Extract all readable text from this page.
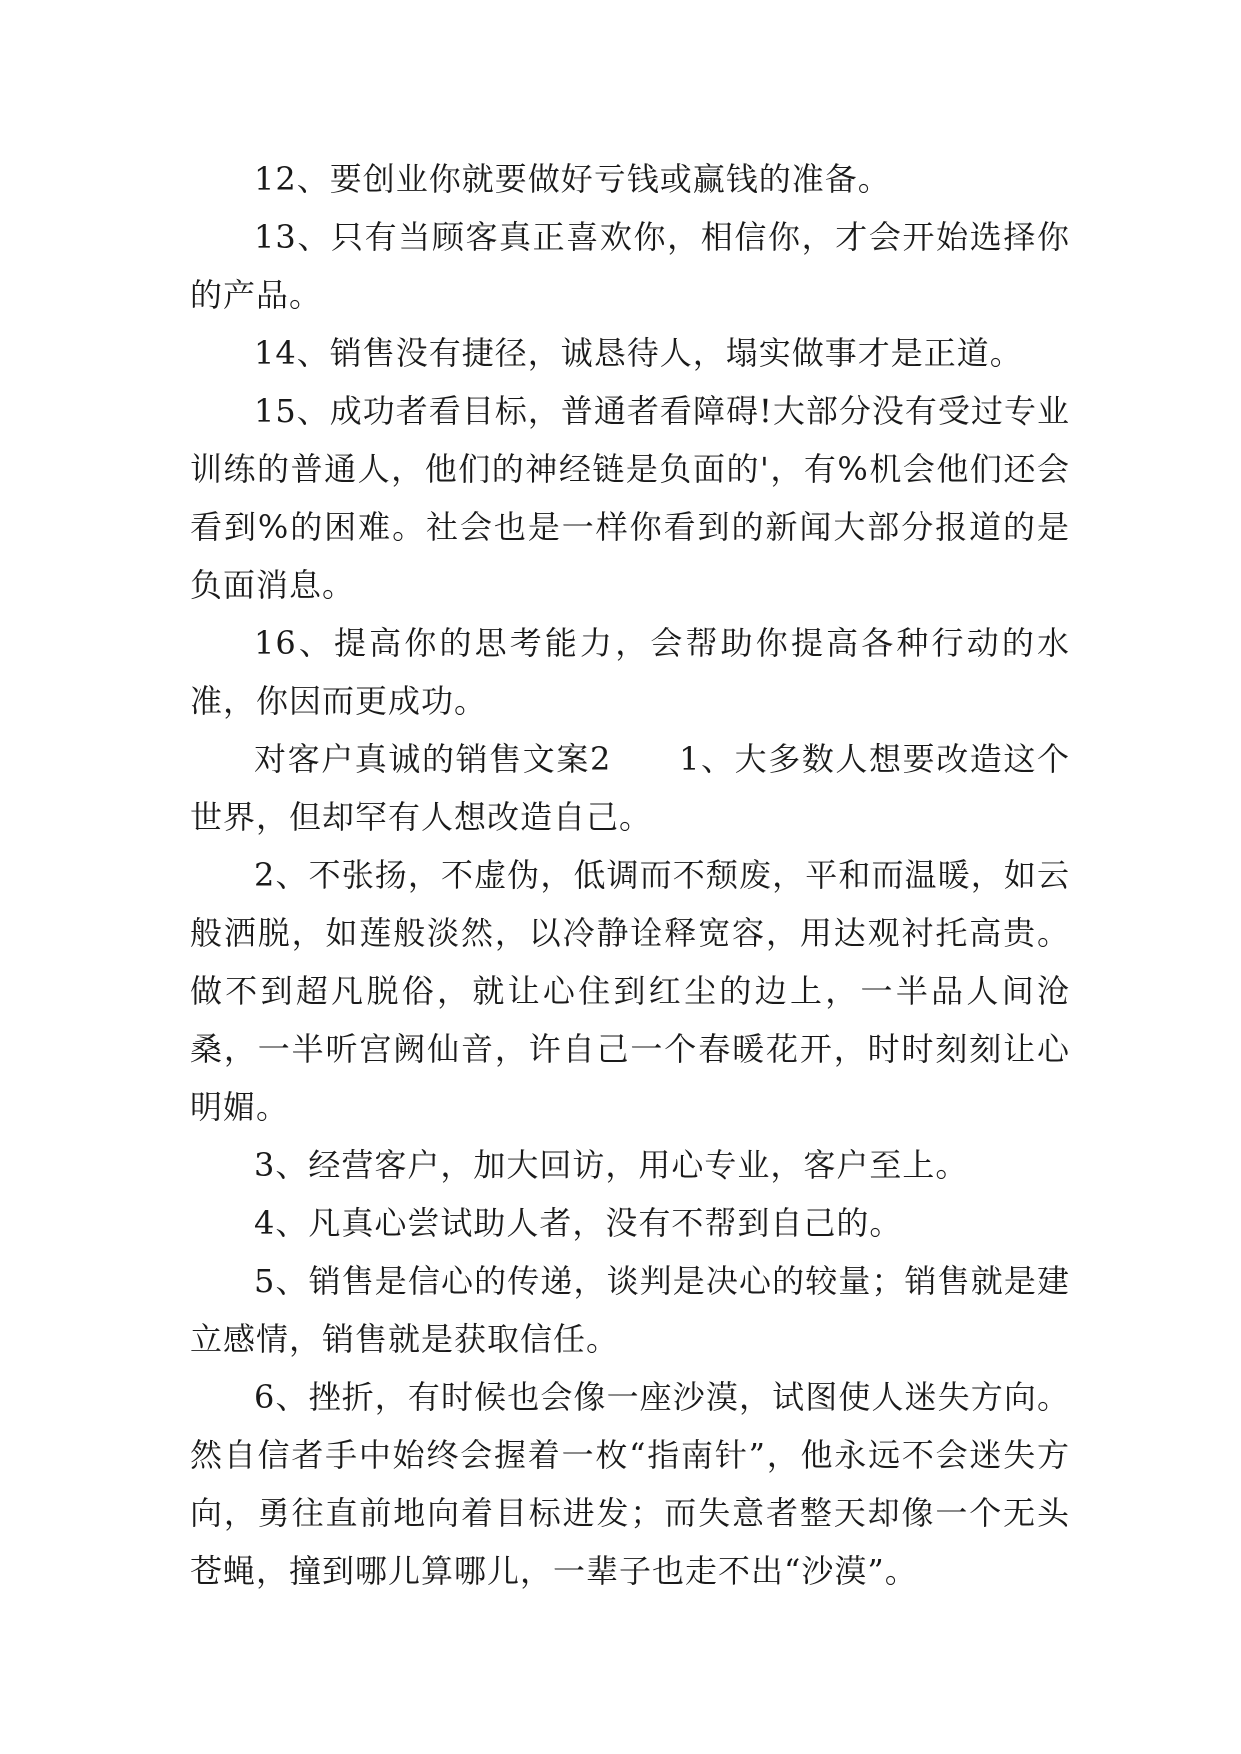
12、要创业你就要做好亏钱或赢钱的准备。

13、只有当顾客真正喜欢你，相信你，才会开始选择你的产品。

14、销售没有捷径，诚恳待人，塌实做事才是正道。

15、成功者看目标，普通者看障碍!大部分没有受过专业训练的普通人，他们的神经链是负面的'，有%机会他们还会看到%的困难。社会也是一样你看到的新闻大部分报道的是负面消息。

16、提高你的思考能力，会帮助你提高各种行动的水准，你因而更成功。

对客户真诚的销售文案2　　1、大多数人想要改造这个世界，但却罕有人想改造自己。

2、不张扬，不虚伪，低调而不颓废，平和而温暖，如云般洒脱，如莲般淡然，以冷静诠释宽容，用达观衬托高贵。做不到超凡脱俗，就让心住到红尘的边上，一半品人间沧桑，一半听宫阙仙音，许自己一个春暖花开，时时刻刻让心明媚。

3、经营客户，加大回访，用心专业，客户至上。

4、凡真心尝试助人者，没有不帮到自己的。

5、销售是信心的传递，谈判是决心的较量；销售就是建立感情，销售就是获取信任。

6、挫折，有时候也会像一座沙漠，试图使人迷失方向。然自信者手中始终会握着一枚“指南针”，他永远不会迷失方向，勇往直前地向着目标进发；而失意者整天却像一个无头苍蝇，撞到哪儿算哪儿，一辈子也走不出“沙漠”。
